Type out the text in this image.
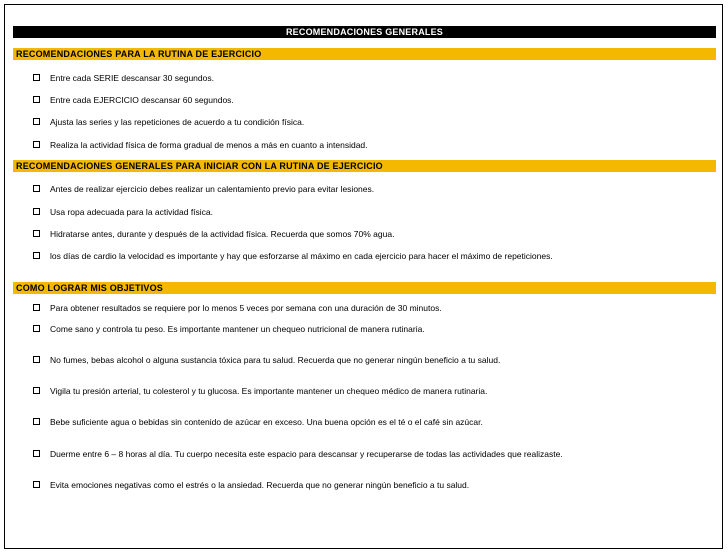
RECOMENDACIONES GENERALES
RECOMENDACIONES PARA LA RUTINA DE EJERCICIO
Entre cada SERIE descansar 30 segundos.
Entre cada EJERCICIO descansar 60 segundos.
Ajusta las series y las repeticiones de acuerdo a tu condición física.
Realiza la actividad física de forma gradual de menos a más en cuanto a intensidad.
RECOMENDACIONES GENERALES PARA INICIAR CON LA RUTINA DE EJERCICIO
Antes de realizar ejercicio debes realizar un calentamiento previo para evitar lesiones.
Usa ropa adecuada para la actividad física.
Hidratarse antes, durante y después de la actividad física. Recuerda que somos 70% agua.
los días de cardio la velocidad es importante y hay que esforzarse al máximo en cada ejercicio para hacer el máximo de repeticiones.
COMO LOGRAR MIS OBJETIVOS
Para obtener resultados se requiere por lo menos 5 veces por semana con una duración de 30 minutos.
Come sano y controla tu peso. Es importante mantener un chequeo nutricional de manera rutinaria.
No fumes, bebas alcohol o alguna sustancia tóxica para tu salud. Recuerda que no generar ningún beneficio a tu salud.
Vigila tu presión arterial, tu colesterol y tu glucosa. Es importante mantener un chequeo médico de manera rutinaria.
Bebe suficiente agua o bebidas sin contenido de azúcar en exceso. Una buena opción es el té o el café sin azúcar.
Duerme entre 6 – 8 horas al día. Tu cuerpo necesita este espacio para descansar y recuperarse de todas las actividades que realizaste.
Evita emociones negativas como el estrés o la ansiedad. Recuerda que no generar ningún beneficio a tu salud.
